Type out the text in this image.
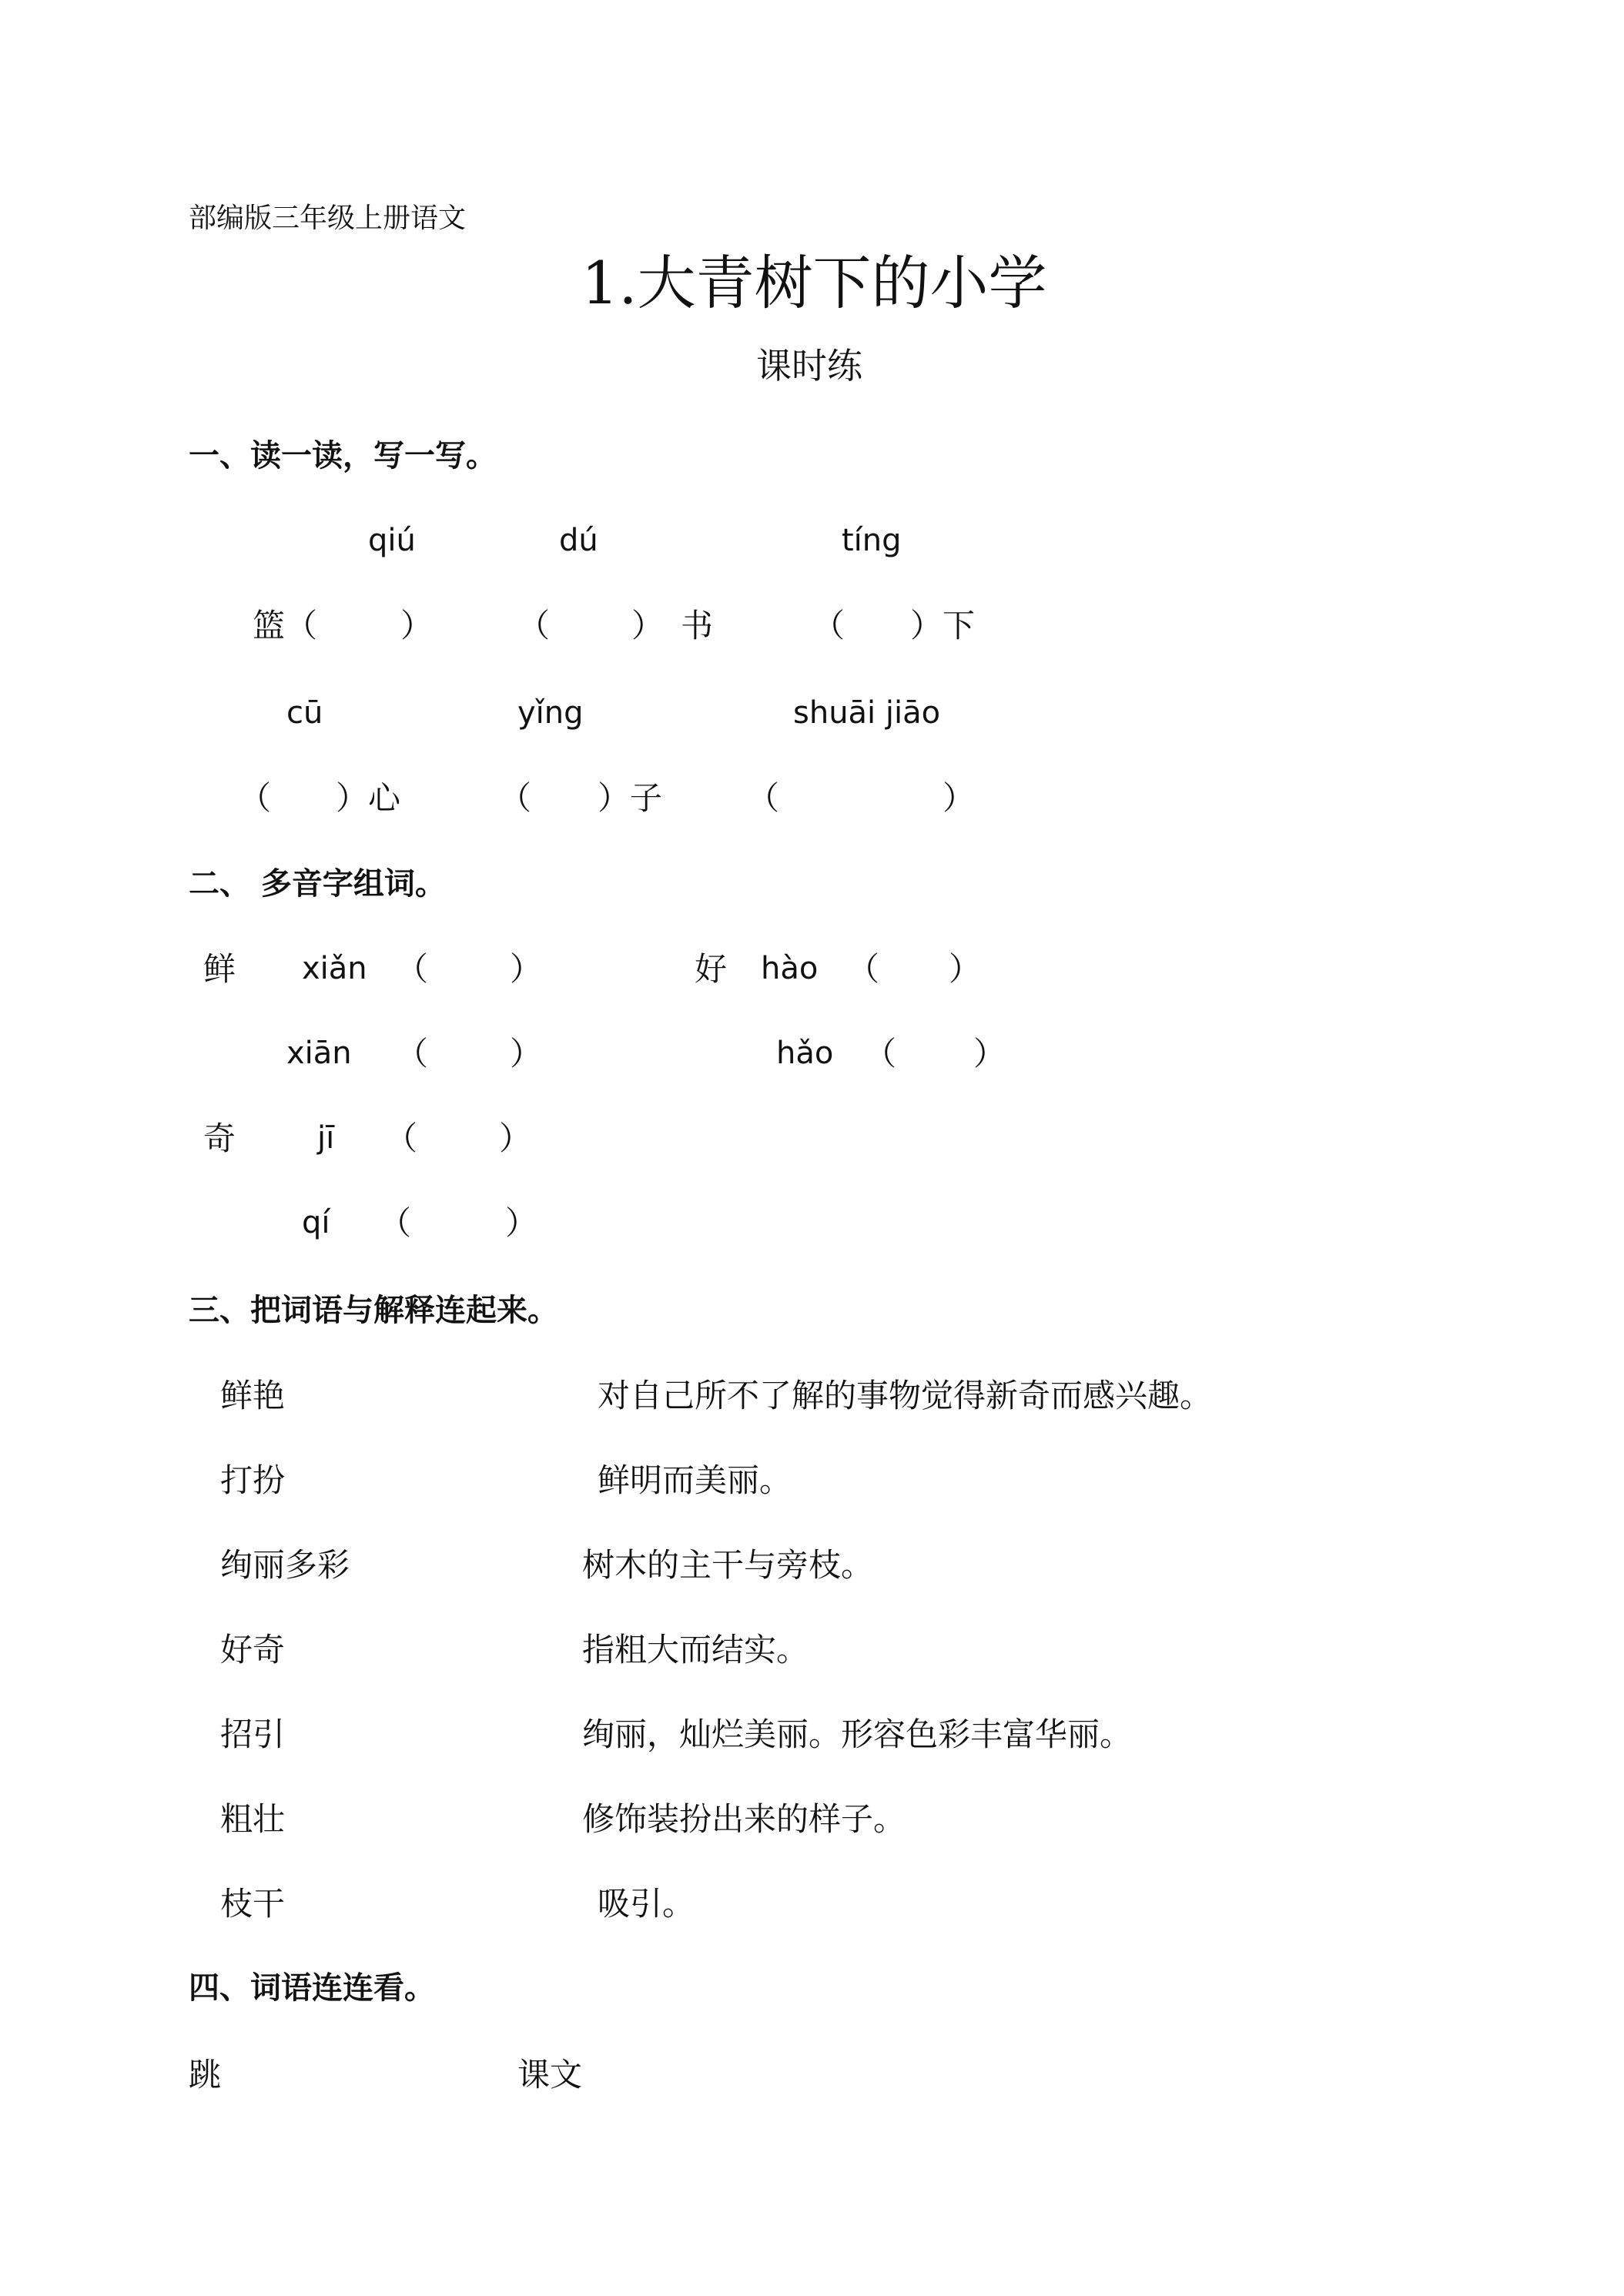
部编版三年级上册语文
1.大青树下的小学
课时练
一、读一读，写一写。
qiú	dú	tíng
篮（	）	（	） 书	（ ）下
cū	yǐng	shuāi jiāo
（ ）心	（ ）子	（	）
二、 多音字组词。
鲜 xiǎn （	）	好 hào （ ）
xiān （	）	hǎo （ ）
奇	jī （	）
qí （	）
三、把词语与解释连起来。
鲜艳	对自己所不了解的事物觉得新奇而感兴趣。
打扮	鲜明而美丽。
绚丽多彩	树木的主干与旁枝。
好奇	指粗大而结实。
招引	绚丽，灿烂美丽。形容色彩丰富华丽。
粗壮	修饰装扮出来的样子。
枝干	吸引。
四、词语连连看。
跳	课文
